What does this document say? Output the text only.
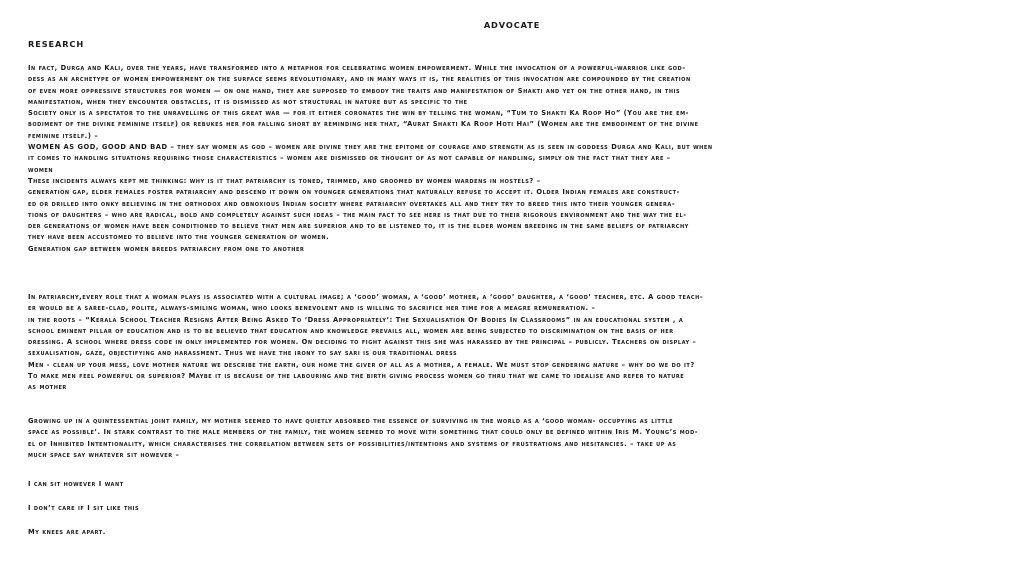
ADVOCATE
RESEARCH
In fact, Durga and Kali, over the years, have transformed into a metaphor for celebrating women empowerment. While the invocation of a powerful-warrior like god-
dess as an archetype of women empowerment on the surface seems revolutionary, and in many ways it is, the realities of this invocation are compounded by the creation
of even more oppressive structures for women — on one hand, they are supposed to embody the traits and manifestation of Shakti and yet on the other hand, in this
manifestation, when they encounter obstacles, it is dismissed as not structural in nature but as specific to the
Society only is a spectator to the unravelling of this great war — for it either coronates the win by telling the woman, “Tum to Shakti Ka Roop Ho” (You are the em-
bodiment of the divine feminine itself) or rebukes her for falling short by reminding her that, “Aurat Shakti Ka Roop Hoti Hai” (Women are the embodiment of the divine
feminine itself.) –
WOMEN AS GOD, GOOD AND BAD – they say women as god – women are divine they are the epitome of courage and strength as is seen in goddess Durga and Kali, but when
it comes to handling situations requiring those characteristics – women are dismissed or thought of as not capable of handling, simply on the fact that they are –
women
These incidents always kept me thinking: why is it that patriarchy is toned, trimmed, and groomed by women wardens in hostels? –
generation gap, elder females foster patriarchy and descend it down on younger generations that naturally refuse to accept it. Older Indian females are construct-
ed or drilled into onky believing in the orthodox and obnoxious Indian society where patriarchy overtakes all and they try to breed this into their younger genera-
tions of daughters – who are radical, bold and completely against such ideas – the main fact to see here is that due to their rigorous environment and the way the el-
der generations of women have been conditioned to believe that men are superior and to be listened to, it is the elder women breeding in the same beliefs of patriarchy
they have been accustomed to believe into the younger generation of women.
Generation gap between women breeds patriarchy from one to another
In patriarchy,every role that a woman plays is associated with a cultural image; a ‘good’ woman, a ‘good’ mother, a ‘good’ daughter, a ‘good’ teacher, etc. A good teach-
er would be a saree-clad, polite, always-smiling woman, who looks benevolent and is willing to sacrifice her time for a meagre remuneration. –
in the roots – “Kerala School Teacher Resigns After Being Asked To ‘Dress Appropriately’: The Sexualisation Of Bodies In Classrooms” in an educational system , a
school eminent pillar of education and is to be believed that education and knowledge prevails all, women are being subjected to discrimination on the basis of her
dressing. A school where dress code in only implemented for women. On deciding to fight against this she was harassed by the principal – publicly. Teachers on display –
sexualisation, gaze, objectifying and harassment. Thus we have the irony to say sari is our traditional dress
Men - clean up your mess, love mother nature we describe the earth, our home the giver of all as a mother, a female. We must stop gendering nature – why do we do it?
To make men feel powerful or superior? Maybe it is because of the labouring and the birth giving process women go thru that we came to idealise and refer to nature
as mother
Growing up in a quintessential joint family, my mother seemed to have quietly absorbed the essence of surviving in the world as a ‘good woman- occupying as little
space as possible’. In stark contrast to the male members of the family, the women seemed to move with something that could only be defined within Iris M. Young’s mod-
el of Inhibited Intentionality, which characterises the correlation between sets of possibilities/intentions and systems of frustrations and hesitancies. – take up as
much space say whatever sit however –
I can sit however I want
I don’t care if I sit like this
My knees are apart.
